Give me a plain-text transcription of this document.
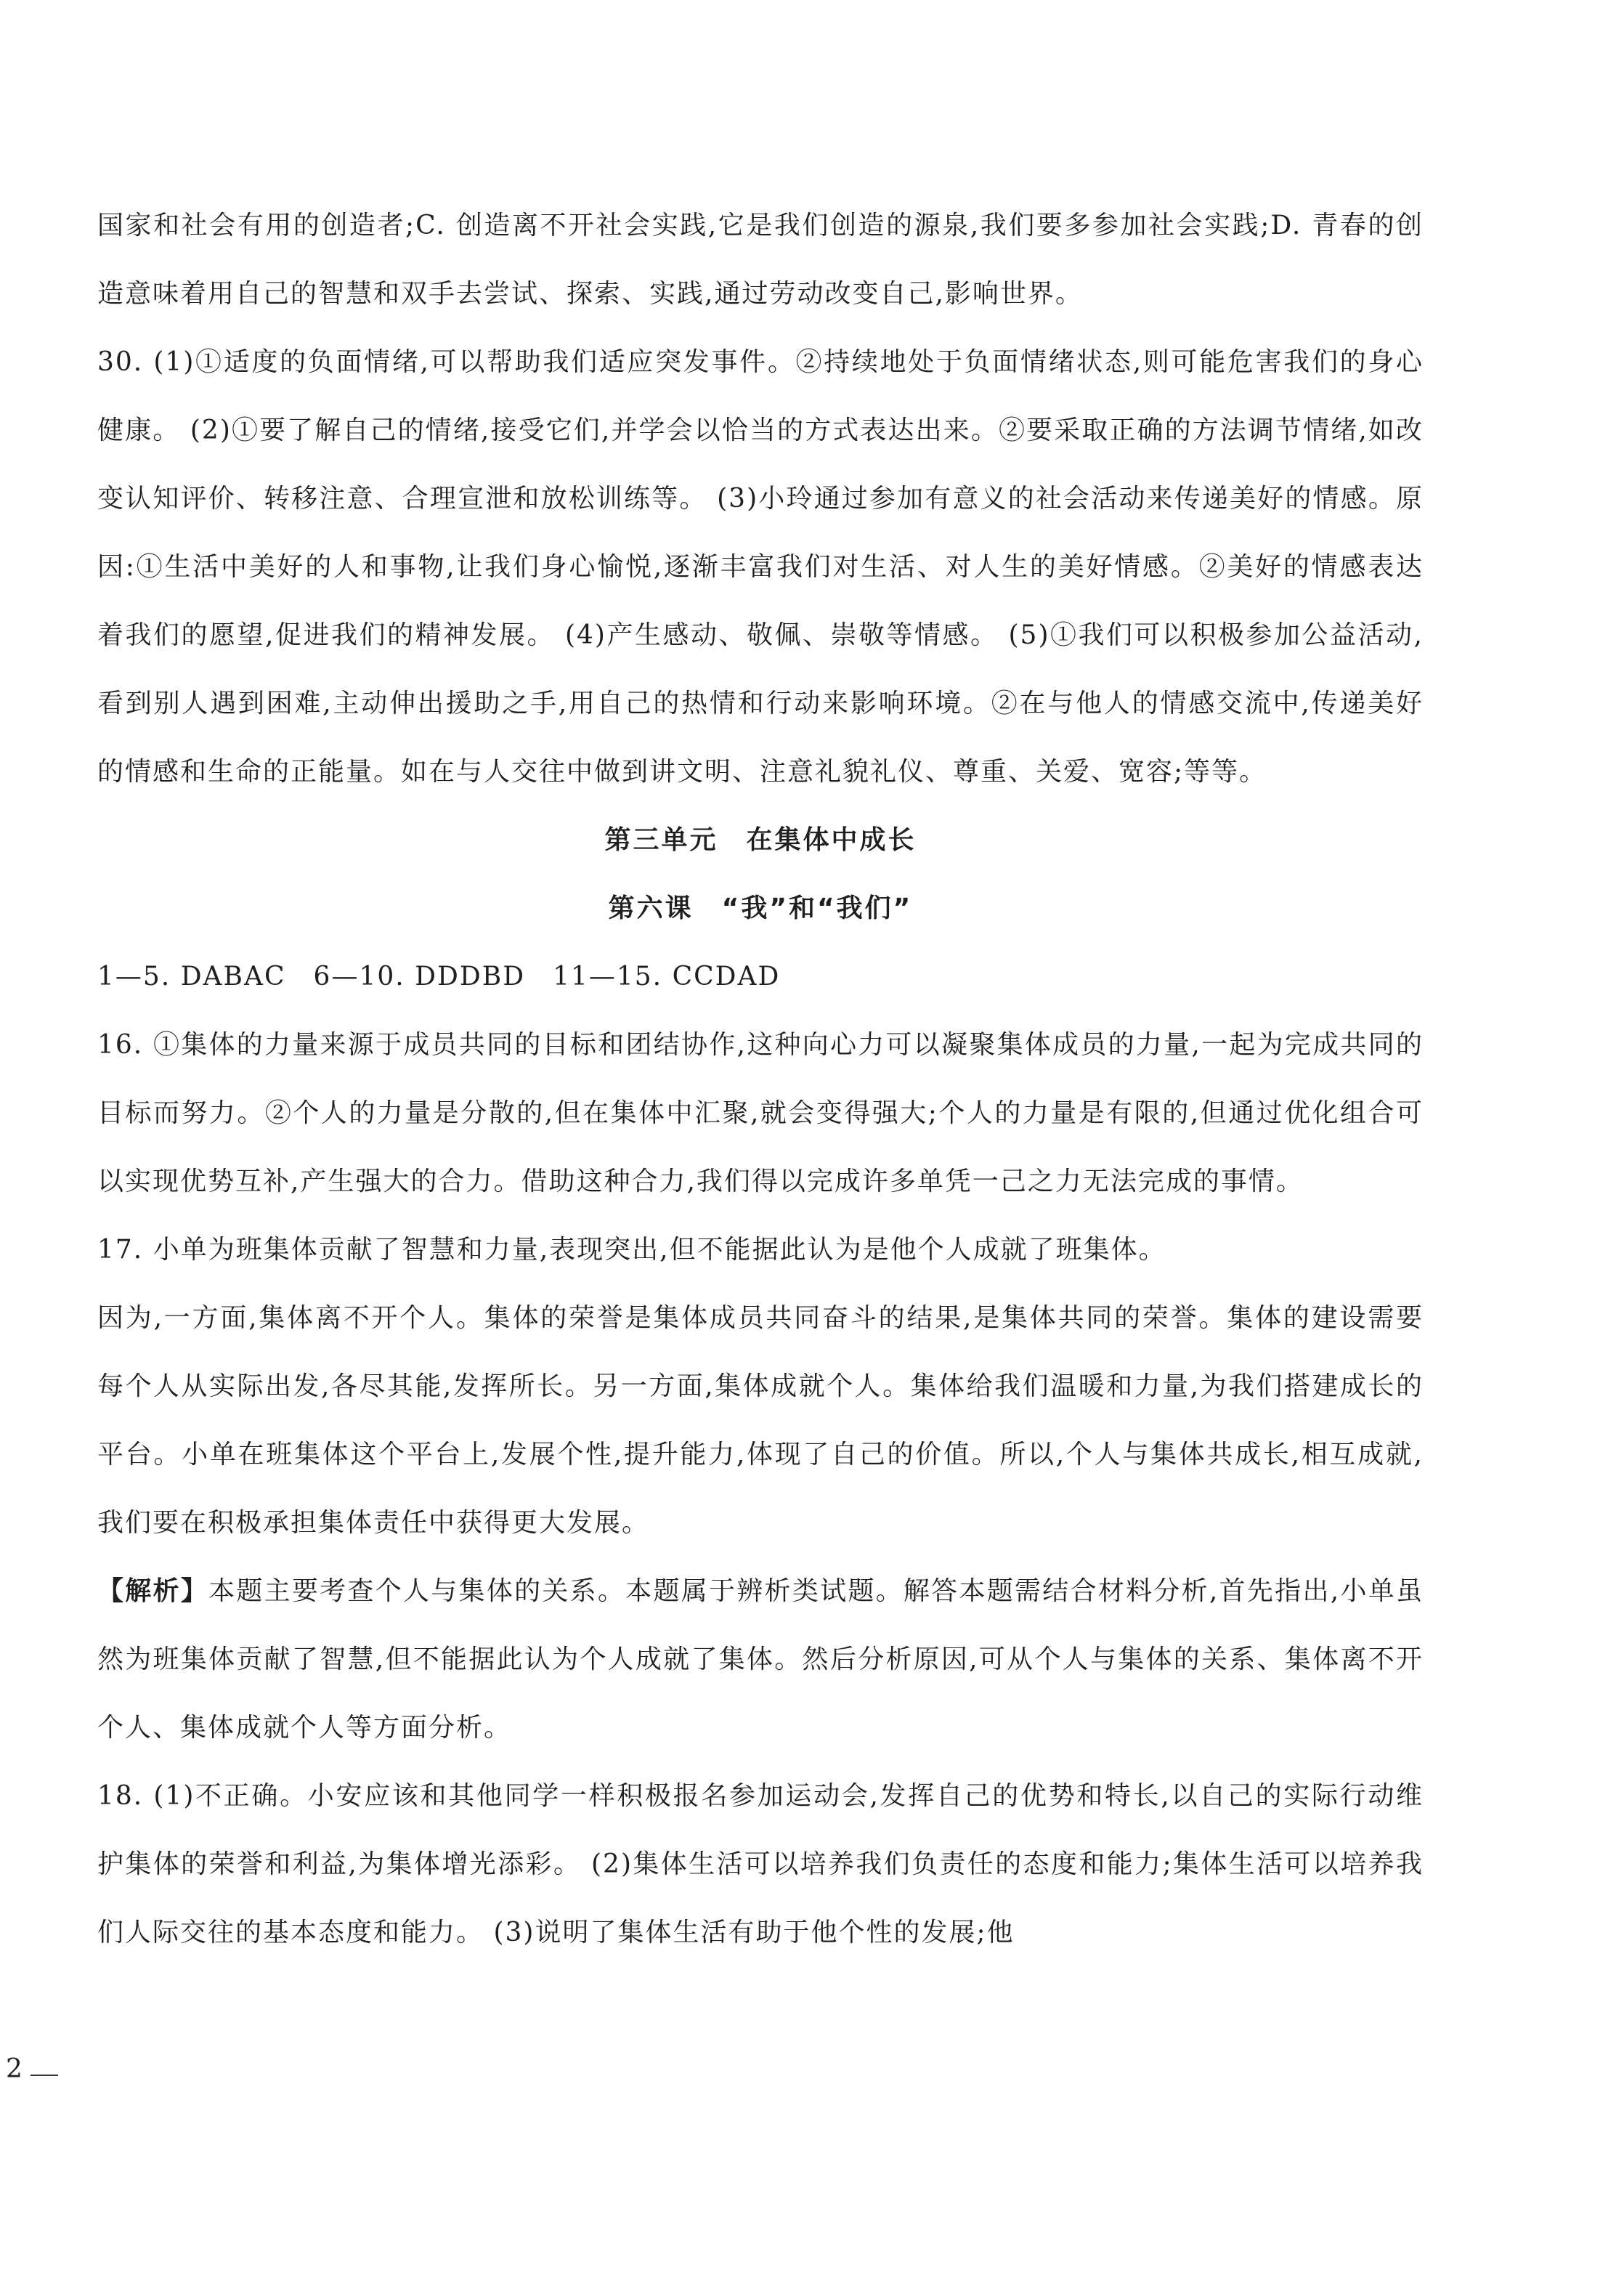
国家和社会有用的创造者;C. 创造离不开社会实践,它是我们创造的源泉,我们要多参加社会实践;D. 青春的创造意味着用自己的智慧和双手去尝试、探索、实践,通过劳动改变自己,影响世界。

30. (1)①适度的负面情绪,可以帮助我们适应突发事件。②持续地处于负面情绪状态,则可能危害我们的身心健康。 (2)①要了解自己的情绪,接受它们,并学会以恰当的方式表达出来。②要采取正确的方法调节情绪,如改变认知评价、转移注意、合理宣泄和放松训练等。 (3)小玲通过参加有意义的社会活动来传递美好的情感。原因:①生活中美好的人和事物,让我们身心愉悦,逐渐丰富我们对生活、对人生的美好情感。②美好的情感表达着我们的愿望,促进我们的精神发展。 (4)产生感动、敬佩、崇敬等情感。 (5)①我们可以积极参加公益活动,看到别人遇到困难,主动伸出援助之手,用自己的热情和行动来影响环境。②在与他人的情感交流中,传递美好的情感和生命的正能量。如在与人交往中做到讲文明、注意礼貌礼仪、尊重、关爱、宽容;等等。

第三单元　在集体中成长

第六课　“我”和“我们”

1—5. DABAC　6—10. DDDBD　11—15. CCDAD

16. ①集体的力量来源于成员共同的目标和团结协作,这种向心力可以凝聚集体成员的力量,一起为完成共同的目标而努力。②个人的力量是分散的,但在集体中汇聚,就会变得强大;个人的力量是有限的,但通过优化组合可以实现优势互补,产生强大的合力。借助这种合力,我们得以完成许多单凭一己之力无法完成的事情。

17. 小单为班集体贡献了智慧和力量,表现突出,但不能据此认为是他个人成就了班集体。

因为,一方面,集体离不开个人。集体的荣誉是集体成员共同奋斗的结果,是集体共同的荣誉。集体的建设需要每个人从实际出发,各尽其能,发挥所长。另一方面,集体成就个人。集体给我们温暖和力量,为我们搭建成长的平台。小单在班集体这个平台上,发展个性,提升能力,体现了自己的价值。所以,个人与集体共成长,相互成就,我们要在积极承担集体责任中获得更大发展。

【解析】本题主要考查个人与集体的关系。本题属于辨析类试题。解答本题需结合材料分析,首先指出,小单虽然为班集体贡献了智慧,但不能据此认为个人成就了集体。然后分析原因,可从个人与集体的关系、集体离不开个人、集体成就个人等方面分析。

18. (1)不正确。小安应该和其他同学一样积极报名参加运动会,发挥自己的优势和特长,以自己的实际行动维护集体的荣誉和利益,为集体增光添彩。 (2)集体生活可以培养我们负责任的态度和能力;集体生活可以培养我们人际交往的基本态度和能力。 (3)说明了集体生活有助于他个性的发展;他

2
